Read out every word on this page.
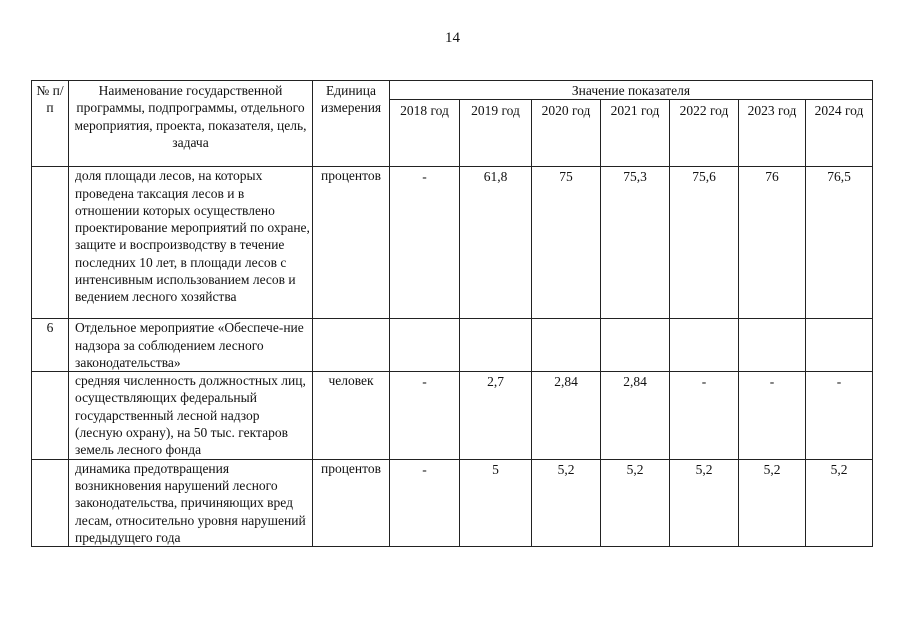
14
№ п/п	Наименование государственной программы, подпрограммы, отдельного мероприятия, проекта, показателя, цель, задача	Единица измерения	Значение показателя						
			2018 год	2019 год	2020 год	2021 год	2022 год	2023 год	2024 год
	доля площади лесов, на которых проведена таксация лесов и в отношении которых осуществлено проектирование мероприятий по охране, защите и воспроизводству в течение последних 10 лет, в площади лесов с интенсивным использованием лесов и ведением лесного хозяйства	процентов	-	61,8	75	75,3	75,6	76	76,5
6	Отдельное мероприятие «Обеспече-ние надзора за соблюдением лесного законодательства»								
	средняя численность должностных лиц, осуществляющих федеральный государственный лесной надзор (лесную охрану), на 50 тыс. гектаров земель лесного фонда	человек	-	2,7	2,84	2,84	-	-	-
	динамика предотвращения возникновения нарушений лесного законодательства, причиняющих вред лесам, относительно уровня нарушений предыдущего года	процентов	-	5	5,2	5,2	5,2	5,2	5,2
